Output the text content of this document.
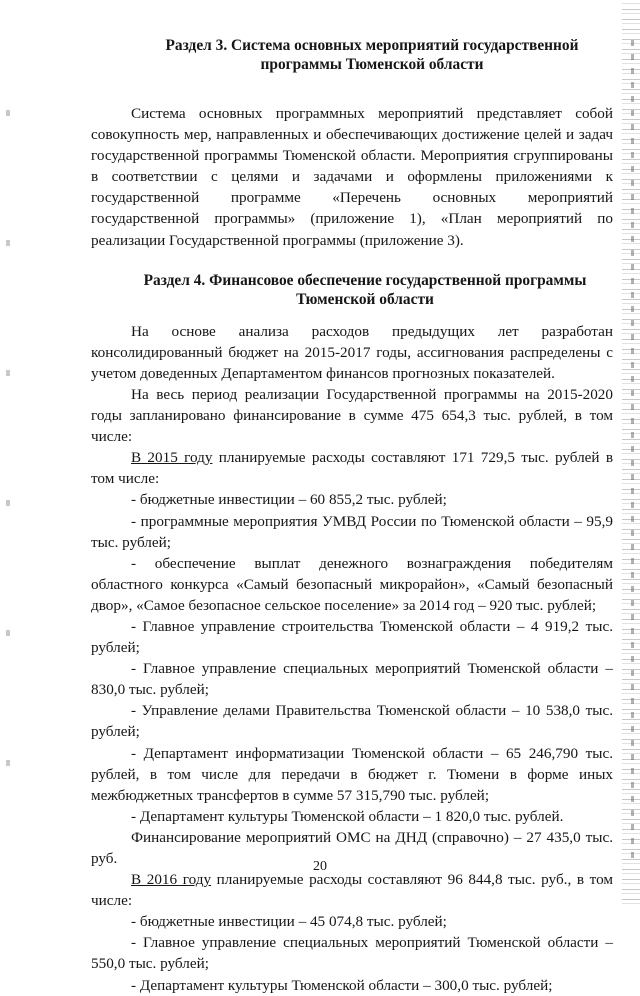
Раздел 3. Система основных мероприятий государственной
программы Тюменской области

Система основных программных мероприятий представляет собой совокупность мер, направленных и обеспечивающих достижение целей и задач государственной программы Тюменской области. Мероприятия сгруппированы в соответствии с целями и задачами и оформлены приложениями к государственной программе «Перечень основных мероприятий государственной программы» (приложение 1), «План мероприятий по реализации Государственной программы (приложение 3).

Раздел 4. Финансовое обеспечение государственной программы
Тюменской области

На основе анализа расходов предыдущих лет разработан консолидированный бюджет на 2015-2017 годы, ассигнования распределены с учетом доведенных Департаментом финансов прогнозных показателей.

На весь период реализации Государственной программы на 2015-2020 годы запланировано финансирование в сумме 475 654,3 тыс. рублей, в том числе:

В 2015 году планируемые расходы составляют 171 729,5 тыс. рублей в том числе:

- бюджетные инвестиции – 60 855,2 тыс. рублей;

- программные мероприятия УМВД России по Тюменской области – 95,9 тыс. рублей;

- обеспечение выплат денежного вознаграждения победителям областного конкурса «Самый безопасный микрорайон», «Самый безопасный двор», «Самое безопасное сельское поселение» за 2014 год – 920 тыс. рублей;

- Главное управление строительства Тюменской области – 4 919,2 тыс. рублей;

- Главное управление специальных мероприятий Тюменской области – 830,0 тыс. рублей;

- Управление делами Правительства Тюменской области – 10 538,0 тыс. рублей;

- Департамент информатизации Тюменской области – 65 246,790 тыс. рублей, в том числе для передачи в бюджет г. Тюмени в форме иных межбюджетных трансфертов в сумме 57 315,790 тыс. рублей;

- Департамент культуры Тюменской области – 1 820,0 тыс. рублей.

Финансирование мероприятий ОМС на ДНД (справочно) – 27 435,0 тыс. руб.

В 2016 году планируемые расходы составляют 96 844,8 тыс. руб., в том числе:

- бюджетные инвестиции – 45 074,8 тыс. рублей;

- Главное управление специальных мероприятий Тюменской области – 550,0 тыс. рублей;

- Департамент культуры Тюменской области – 300,0 тыс. рублей;

20
